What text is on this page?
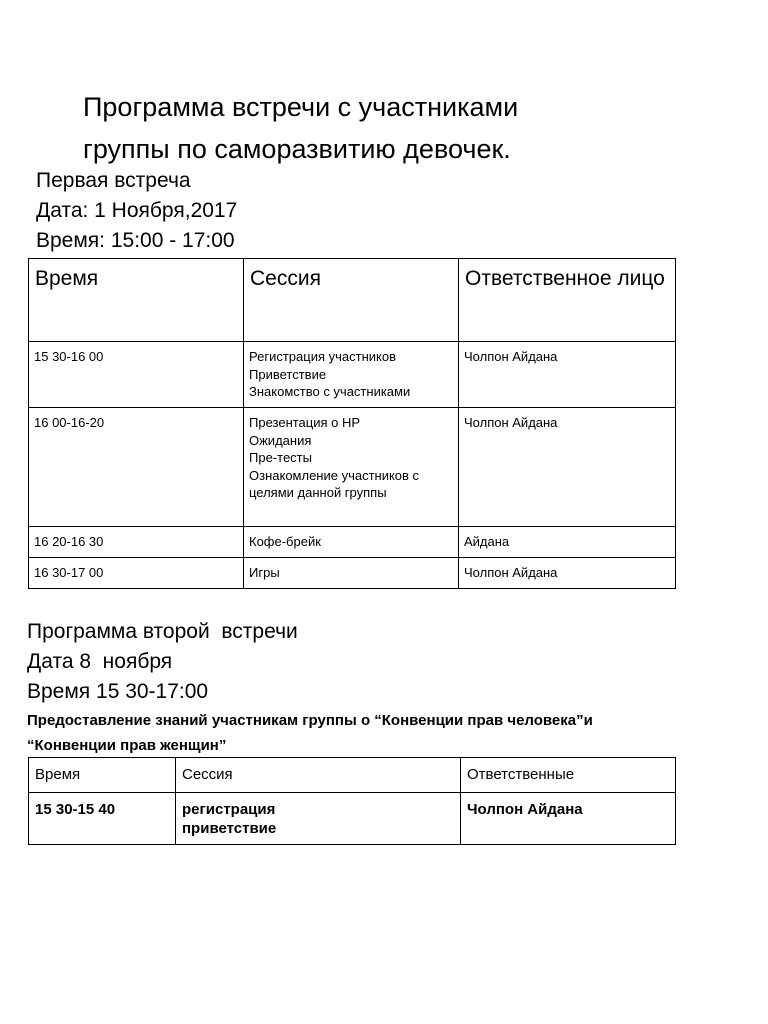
Программа встречи с участниками
группы по саморазвитию девочек.
Первая встреча
Дата: 1 Ноября,2017
Время: 15:00 - 17:00
Время	Сессия	Ответственное лицо
15 30-16 00	Регистрация участников
Приветствие
Знакомство с участниками	Чолпон Айдана
16 00-16-20	Презентация о HP
Ожидания
Пре-тесты
Ознакомление участников с
целями данной группы	Чолпон Айдана
16 20-16 30	Кофе-брейк	Айдана
16 30-17 00	Игры	Чолпон Айдана
Программа второй  встречи
Дата 8  ноября
Время 15 30-17:00
Предоставление знаний участникам группы о “Конвенции прав человека”и
“Конвенции прав женщин”
Время	Сессия	Ответственные
15 30-15 40	регистрация
приветствие	Чолпон Айдана
